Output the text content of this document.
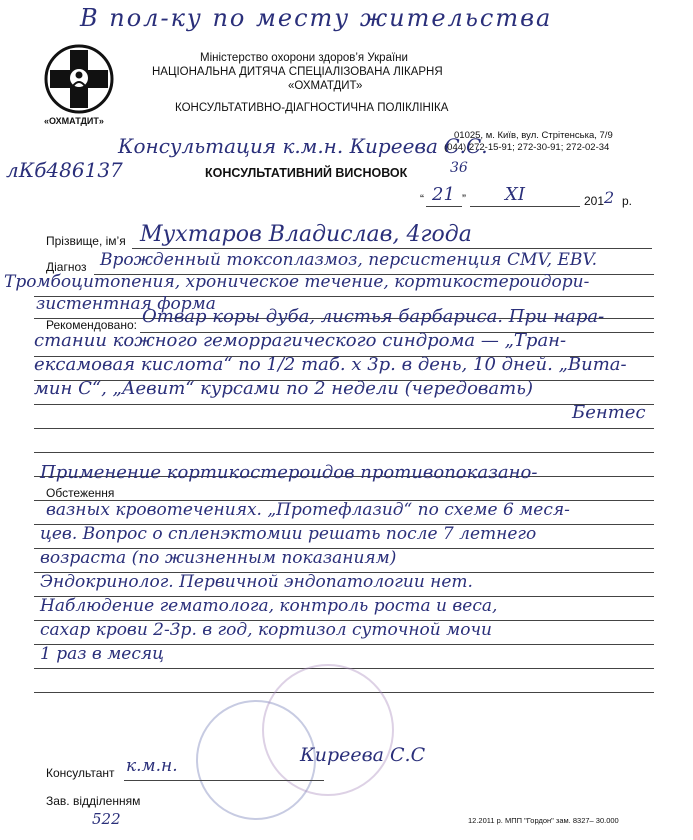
В пол-ку по месту жительства
«ОХМАТДИТ»
Міністерство охорони здоров’я України
НАЦІОНАЛЬНА ДИТЯЧА СПЕЦІАЛІЗОВАНА ЛІКАРНЯ
«ОХМАТДИТ»
КОНСУЛЬТАТИВНО-ДІАГНОСТИЧНА ПОЛІКЛІНІКА
01025, м. Київ, вул. Стрітенська, 7/9
(044) 272-15-91; 272-30-91; 272-02-34
Консультация к.м.н. Киреева С.С.
лКб486137	КОНСУЛЬТАТИВНИЙ ВИСНОВОК	36
“ 21 ” XI	201 2 р.
Прізвище, ім’я Мухтаров Владислав, 4года
Діагноз Врожденный токсоплазмоз, персистенция CMV, EBV.
Тромбоцитопения, хроническое течение, кортикостероидори-
зистентная форма
Рекомендовано: Отвар коры дуба, листья барбариса. При нара-
стании кожного геморрагического синдрома — „Тран-
ексамовая кислота“ по 1/2 таб. х 3р. в день, 10 дней. „Вита-
мин С“, „Аевит“ курсами по 2 недели (чередовать)
Бентес
Обстеження
Применение кортикостероидов противопоказано-
вазных кровотечениях. „Протефлазид“ по схеме 6 меся-
цев. Вопрос о спленэктомии решать после 7 летнего
возраста (по жизненным показаниям)
Эндокринолог. Первичной эндопатологии нет.
Наблюдение гематолога, контроль роста и веса,
сахар крови 2-3р. в год, кортизол суточной мочи
1 раз в месяц
Консультант к.м.н.	Киреева С.С
Зав. відділенням
522	12.2011 р. МПП "Гордон" зам. 8327– 30.000
